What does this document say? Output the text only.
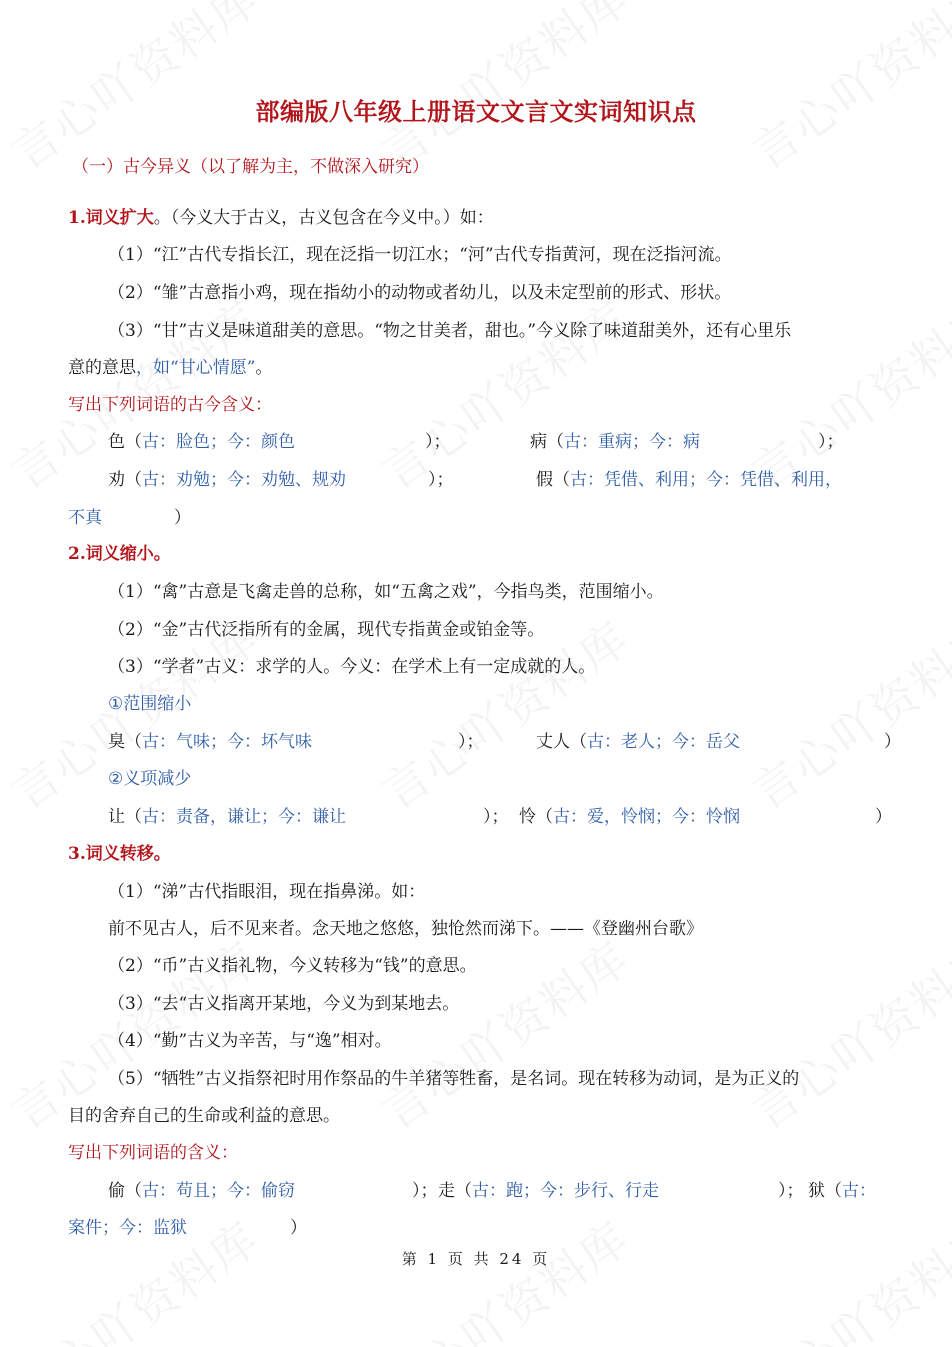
部编版八年级上册语文文言文实词知识点
（一）古今异义（以了解为主，不做深入研究）
1.词义扩大。（今义大于古义，古义包含在今义中。）如：
（1）“江”古代专指长江，现在泛指一切江水；“河”古代专指黄河，现在泛指河流。
（2）“雏”古意指小鸡，现在指幼小的动物或者幼儿，以及未定型前的形式、形状。
（3）“甘”古义是味道甜美的意思。“物之甘美者，甜也。”今义除了味道甜美外，还有心里乐
意的意思，如“甘心情愿”。
写出下列词语的古今含义：
色（古：脸色；今：颜色	）；	病（古：重病；今：病	）；
劝（古：劝勉；今：劝勉、规劝	）；	假（古：凭借、利用；今：凭借、利用，
不真	）
2.词义缩小。
（1）“禽”古意是飞禽走兽的总称，如“五禽之戏”，今指鸟类，范围缩小。
（2）“金”古代泛指所有的金属，现代专指黄金或铂金等。
（3）“学者”古义：求学的人。今义：在学术上有一定成就的人。
①范围缩小
臭（古：气味；今：坏气味	）；	丈人（古：老人；今：岳父	）
②义项减少
让（古：责备，谦让；今：谦让	）； 怜（古：爱，怜悯；今：怜悯	）
3.词义转移。
（1）“涕”古代指眼泪，现在指鼻涕。如：
前不见古人，后不见来者。念天地之悠悠，独怆然而涕下。——《登幽州台歌》
（2）“币”古义指礼物，今义转移为“钱”的意思。
（3）“去“古义指离开某地，今义为到某地去。
（4）“勤”古义为辛苦，与“逸”相对。
（5）“牺牲”古义指祭祀时用作祭品的牛羊猪等牲畜，是名词。现在转移为动词，是为正义的
目的舍弃自己的生命或利益的意思。
写出下列词语的含义：
偷（古：苟且；今：偷窃	）； 走（古：跑；今：步行、行走	）； 狱（古：
案件；今：监狱	）
第 1 页 共 24 页
